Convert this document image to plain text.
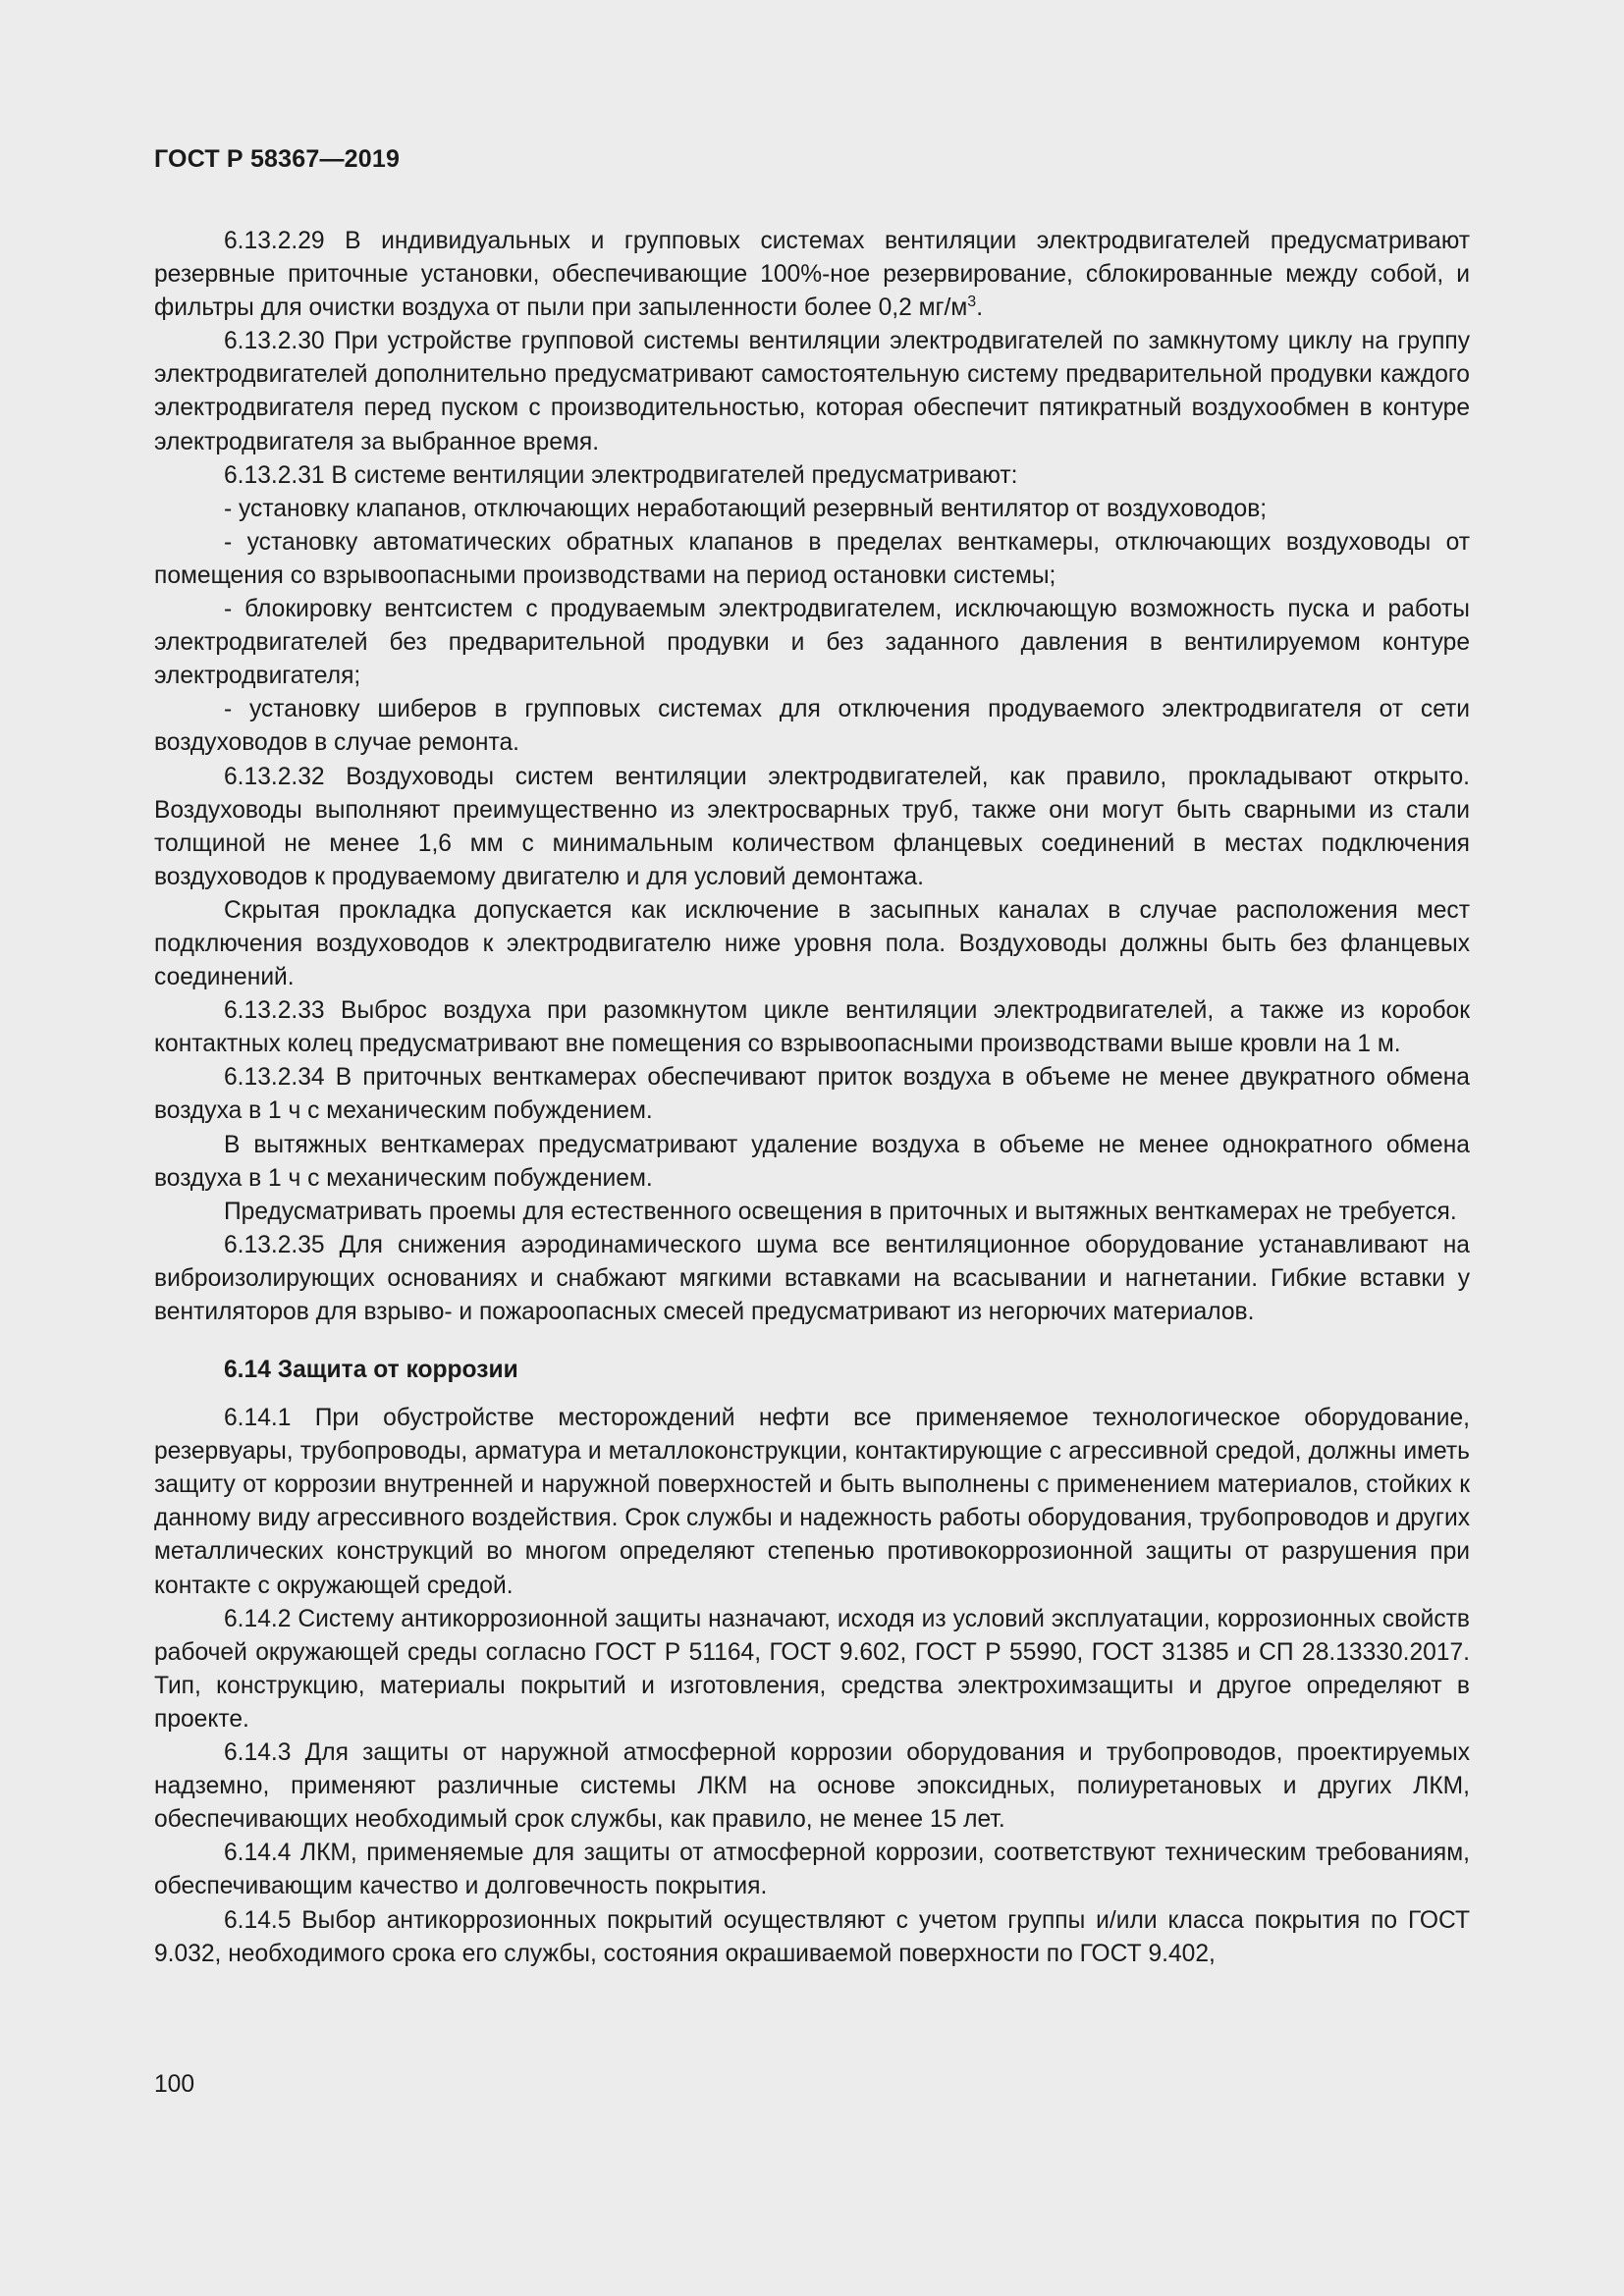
ГОСТ Р 58367—2019

6.13.2.29 В индивидуальных и групповых системах вентиляции электродвигателей предусматривают резервные приточные установки, обеспечивающие 100%-ное резервирование, сблокированные между собой, и фильтры для очистки воздуха от пыли при запыленности более 0,2 $мг/м^3$.

6.13.2.30 При устройстве групповой системы вентиляции электродвигателей по замкнутому циклу на группу электродвигателей дополнительно предусматривают самостоятельную систему предварительной продувки каждого электродвигателя перед пуском с производительностью, которая обеспечит пятикратный воздухообмен в контуре электродвигателя за выбранное время.

6.13.2.31 В системе вентиляции электродвигателей предусматривают:

- установку клапанов, отключающих неработающий резервный вентилятор от воздуховодов;

- установку автоматических обратных клапанов в пределах венткамеры, отключающих воздуховоды от помещения со взрывоопасными производствами на период остановки системы;

- блокировку вентсистем с продуваемым электродвигателем, исключающую возможность пуска и работы электродвигателей без предварительной продувки и без заданного давления в вентилируемом контуре электродвигателя;

- установку шиберов в групповых системах для отключения продуваемого электродвигателя от сети воздуховодов в случае ремонта.

6.13.2.32 Воздуховоды систем вентиляции электродвигателей, как правило, прокладывают открыто. Воздуховоды выполняют преимущественно из электросварных труб, также они могут быть сварными из стали толщиной не менее 1,6 мм с минимальным количеством фланцевых соединений в местах подключения воздуховодов к продуваемому двигателю и для условий демонтажа.

Скрытая прокладка допускается как исключение в засыпных каналах в случае расположения мест подключения воздуховодов к электродвигателю ниже уровня пола. Воздуховоды должны быть без фланцевых соединений.

6.13.2.33 Выброс воздуха при разомкнутом цикле вентиляции электродвигателей, а также из коробок контактных колец предусматривают вне помещения со взрывоопасными производствами выше кровли на 1 м.

6.13.2.34 В приточных венткамерах обеспечивают приток воздуха в объеме не менее двукратного обмена воздуха в 1 ч с механическим побуждением.

В вытяжных венткамерах предусматривают удаление воздуха в объеме не менее однократного обмена воздуха в 1 ч с механическим побуждением.

Предусматривать проемы для естественного освещения в приточных и вытяжных венткамерах не требуется.

6.13.2.35 Для снижения аэродинамического шума все вентиляционное оборудование устанавливают на виброизолирующих основаниях и снабжают мягкими вставками на всасывании и нагнетании. Гибкие вставки у вентиляторов для взрыво- и пожароопасных смесей предусматривают из негорючих материалов.

6.14 Защита от коррозии

6.14.1 При обустройстве месторождений нефти все применяемое технологическое оборудование, резервуары, трубопроводы, арматура и металлоконструкции, контактирующие с агрессивной средой, должны иметь защиту от коррозии внутренней и наружной поверхностей и быть выполнены с применением материалов, стойких к данному виду агрессивного воздействия. Срок службы и надежность работы оборудования, трубопроводов и других металлических конструкций во многом определяют степенью противокоррозионной защиты от разрушения при контакте с окружающей средой.

6.14.2 Систему антикоррозионной защиты назначают, исходя из условий эксплуатации, коррозионных свойств рабочей окружающей среды согласно ГОСТ Р 51164, ГОСТ 9.602, ГОСТ Р 55990, ГОСТ 31385 и СП 28.13330.2017. Тип, конструкцию, материалы покрытий и изготовления, средства электрохимзащиты и другое определяют в проекте.

6.14.3 Для защиты от наружной атмосферной коррозии оборудования и трубопроводов, проектируемых надземно, применяют различные системы ЛКМ на основе эпоксидных, полиуретановых и других ЛКМ, обеспечивающих необходимый срок службы, как правило, не менее 15 лет.

6.14.4 ЛКМ, применяемые для защиты от атмосферной коррозии, соответствуют техническим требованиям, обеспечивающим качество и долговечность покрытия.

6.14.5 Выбор антикоррозионных покрытий осуществляют с учетом группы и/или класса покрытия по ГОСТ 9.032, необходимого срока его службы, состояния окрашиваемой поверхности по ГОСТ 9.402,

100
